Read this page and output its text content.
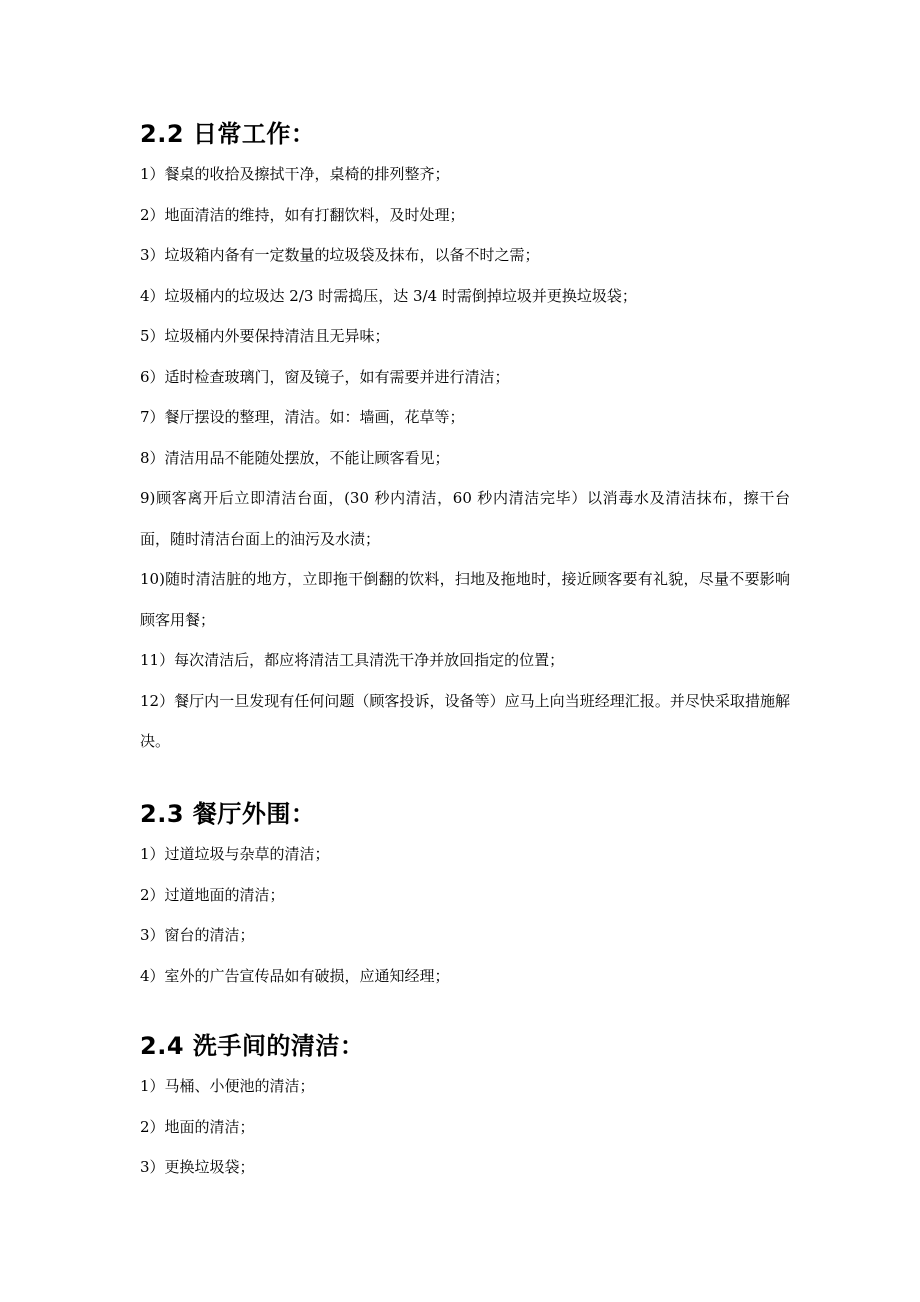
2.2 日常工作：

1）餐桌的收拾及擦拭干净，桌椅的排列整齐；

2）地面清洁的维持，如有打翻饮料，及时处理；

3）垃圾箱内备有一定数量的垃圾袋及抹布，以备不时之需；

4）垃圾桶内的垃圾达 2/3 时需捣压，达 3/4 时需倒掉垃圾并更换垃圾袋；

5）垃圾桶内外要保持清洁且无异味；

6）适时检查玻璃门，窗及镜子，如有需要并进行清洁；

7）餐厅摆设的整理，清洁。如：墙画，花草等；

8）清洁用品不能随处摆放，不能让顾客看见；

9)顾客离开后立即清洁台面，(30 秒内清洁，60 秒内清洁完毕）以消毒水及清洁抹布，擦干台面，随时清洁台面上的油污及水渍；

10)随时清洁脏的地方，立即拖干倒翻的饮料，扫地及拖地时，接近顾客要有礼貌，尽量不要影响顾客用餐；

11）每次清洁后，都应将清洁工具清洗干净并放回指定的位置；

12）餐厅内一旦发现有任何问题（顾客投诉，设备等）应马上向当班经理汇报。并尽快采取措施解决。

2.3 餐厅外围：

1）过道垃圾与杂草的清洁；

2）过道地面的清洁；

3）窗台的清洁；

4）室外的广告宣传品如有破损，应通知经理；

2.4 洗手间的清洁：

1）马桶、小便池的清洁；

2）地面的清洁；

3）更换垃圾袋；
